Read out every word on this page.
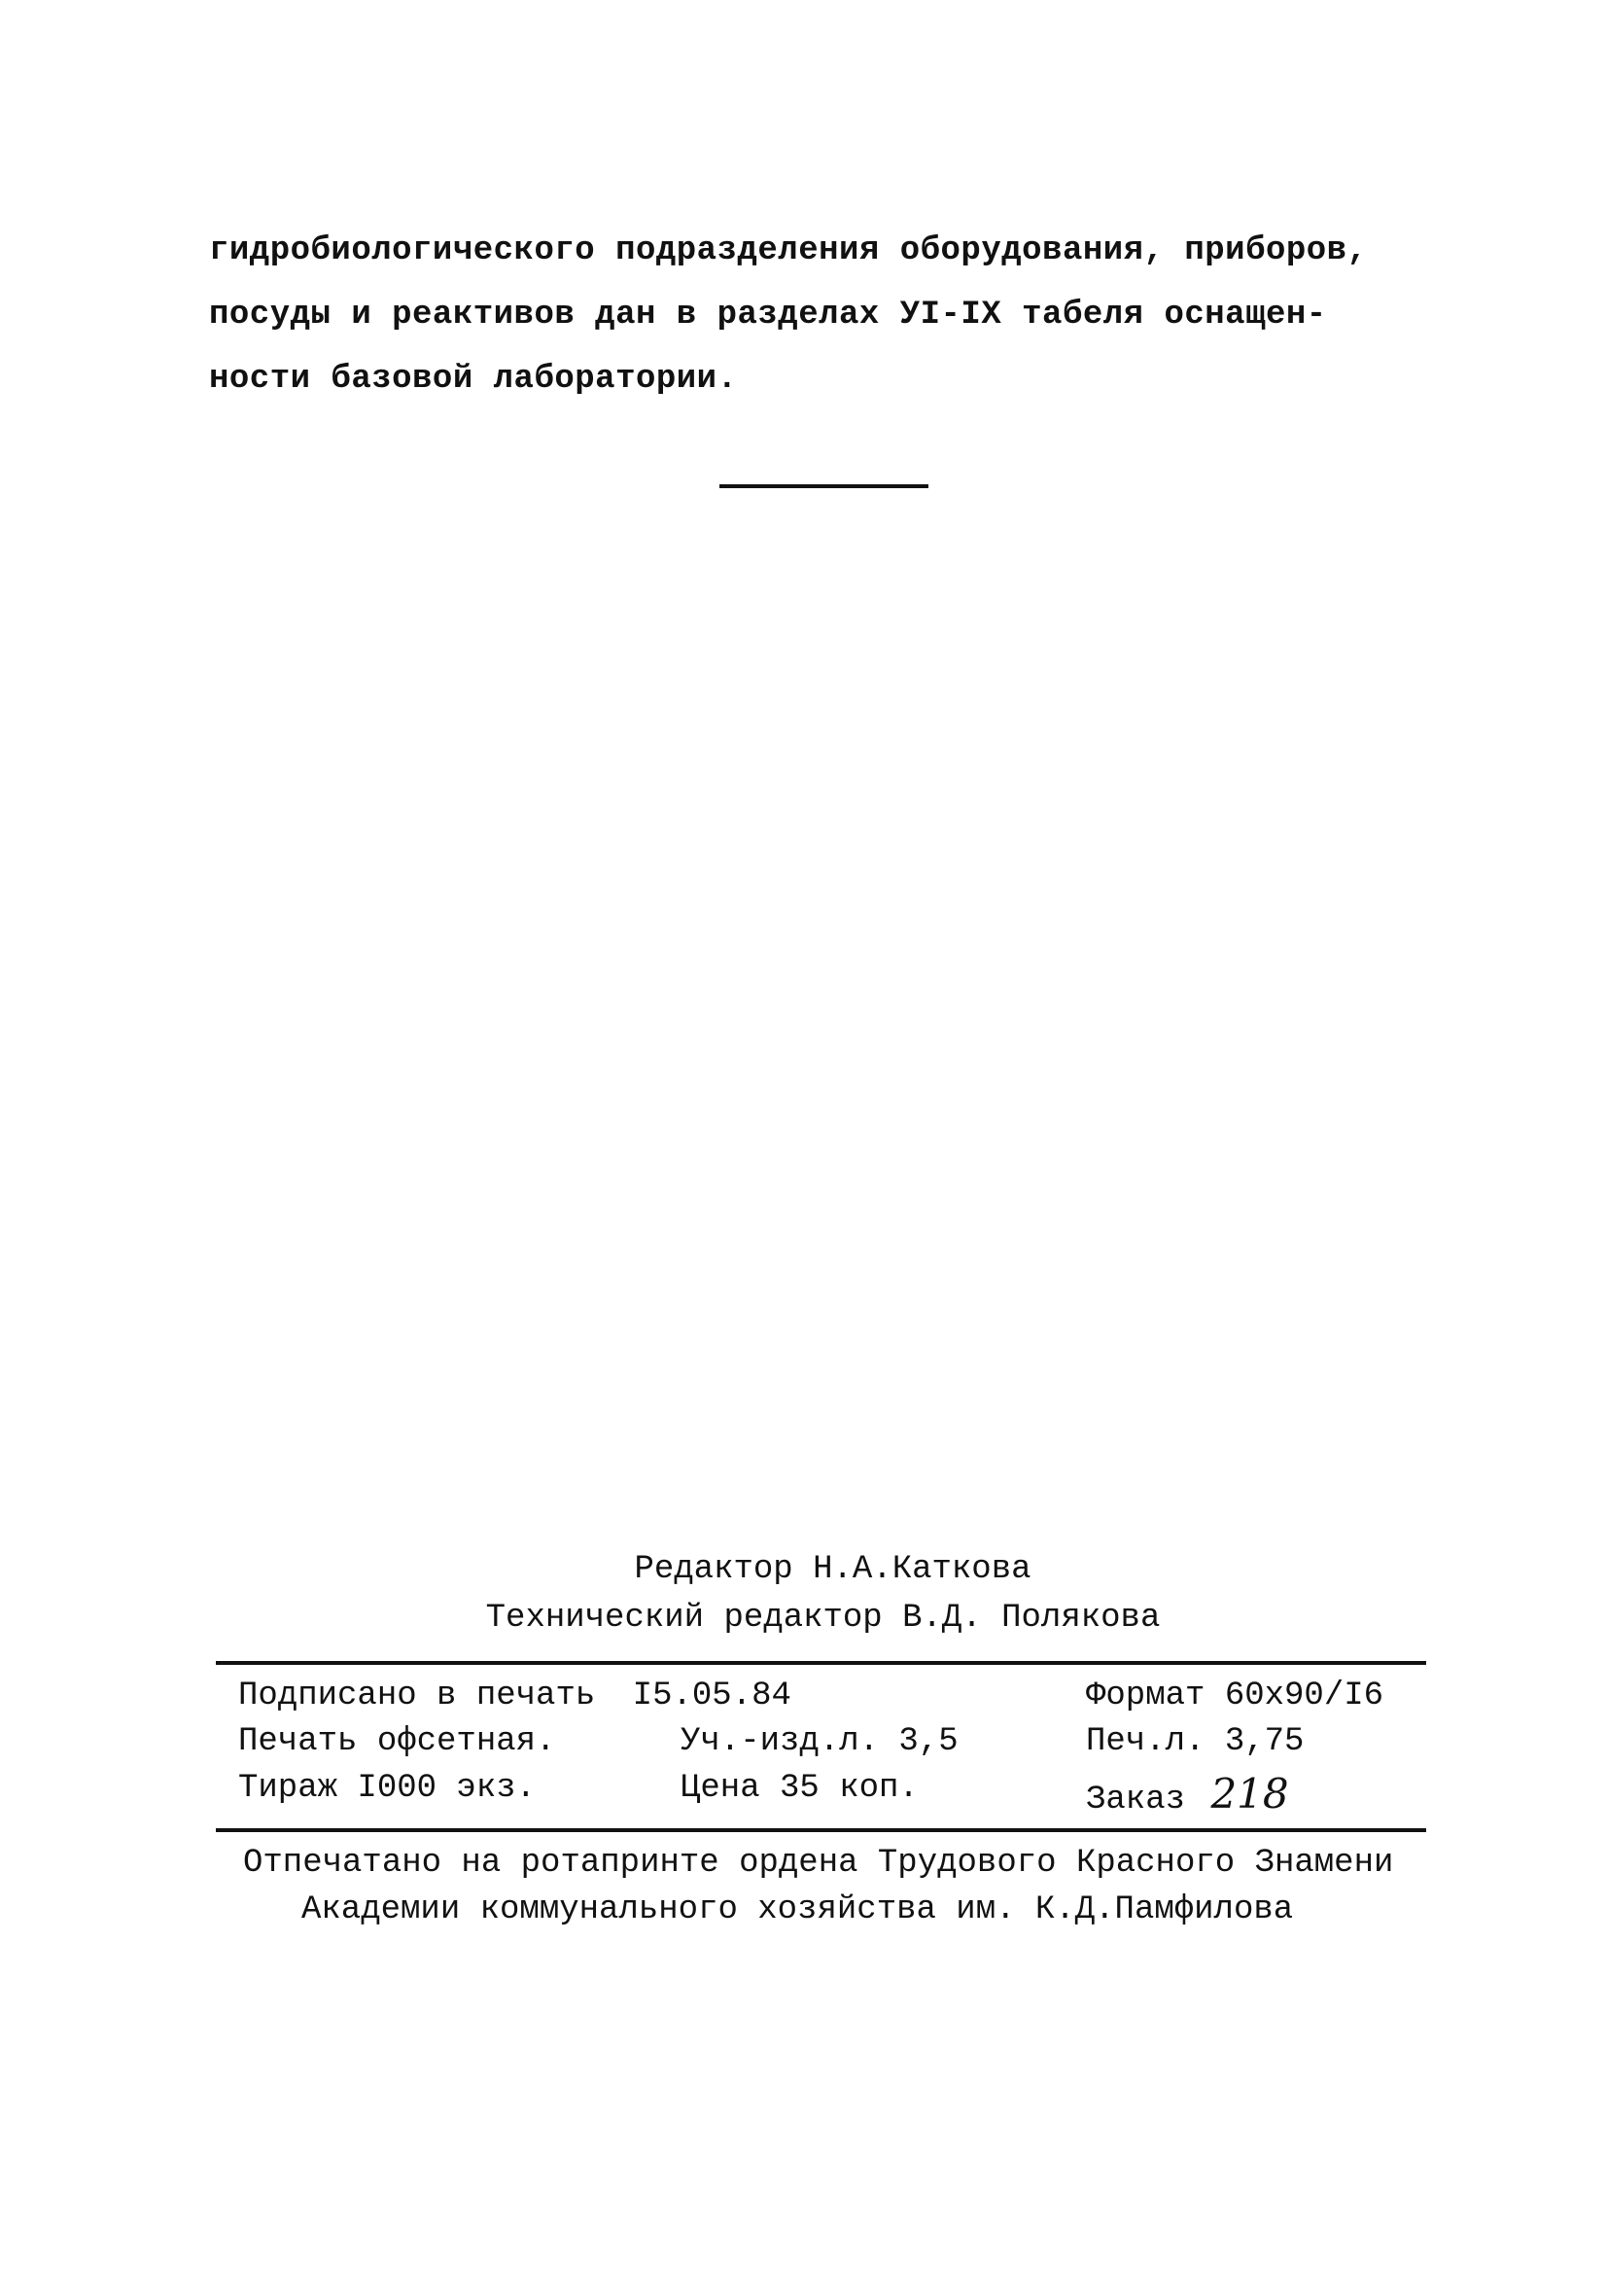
гидробиологического подразделения оборудования, приборов,

посуды и реактивов дан в разделах УI-IX табеля оснащен-

ности базовой лаборатории.

Редактор Н.А.Каткова
Технический редактор В.Д. Полякова
Подписано в печать I5.05.84	Формат 60х90/I6
Печать офсетная.	Уч.-изд.л. 3,5	Печ.л. 3,75
Тираж I000 экз.	Цена 35 коп.	Заказ 218
Отпечатано на ротапринте ордена Трудового Красного Знамени
Академии коммунального хозяйства им. К.Д.Памфилова
